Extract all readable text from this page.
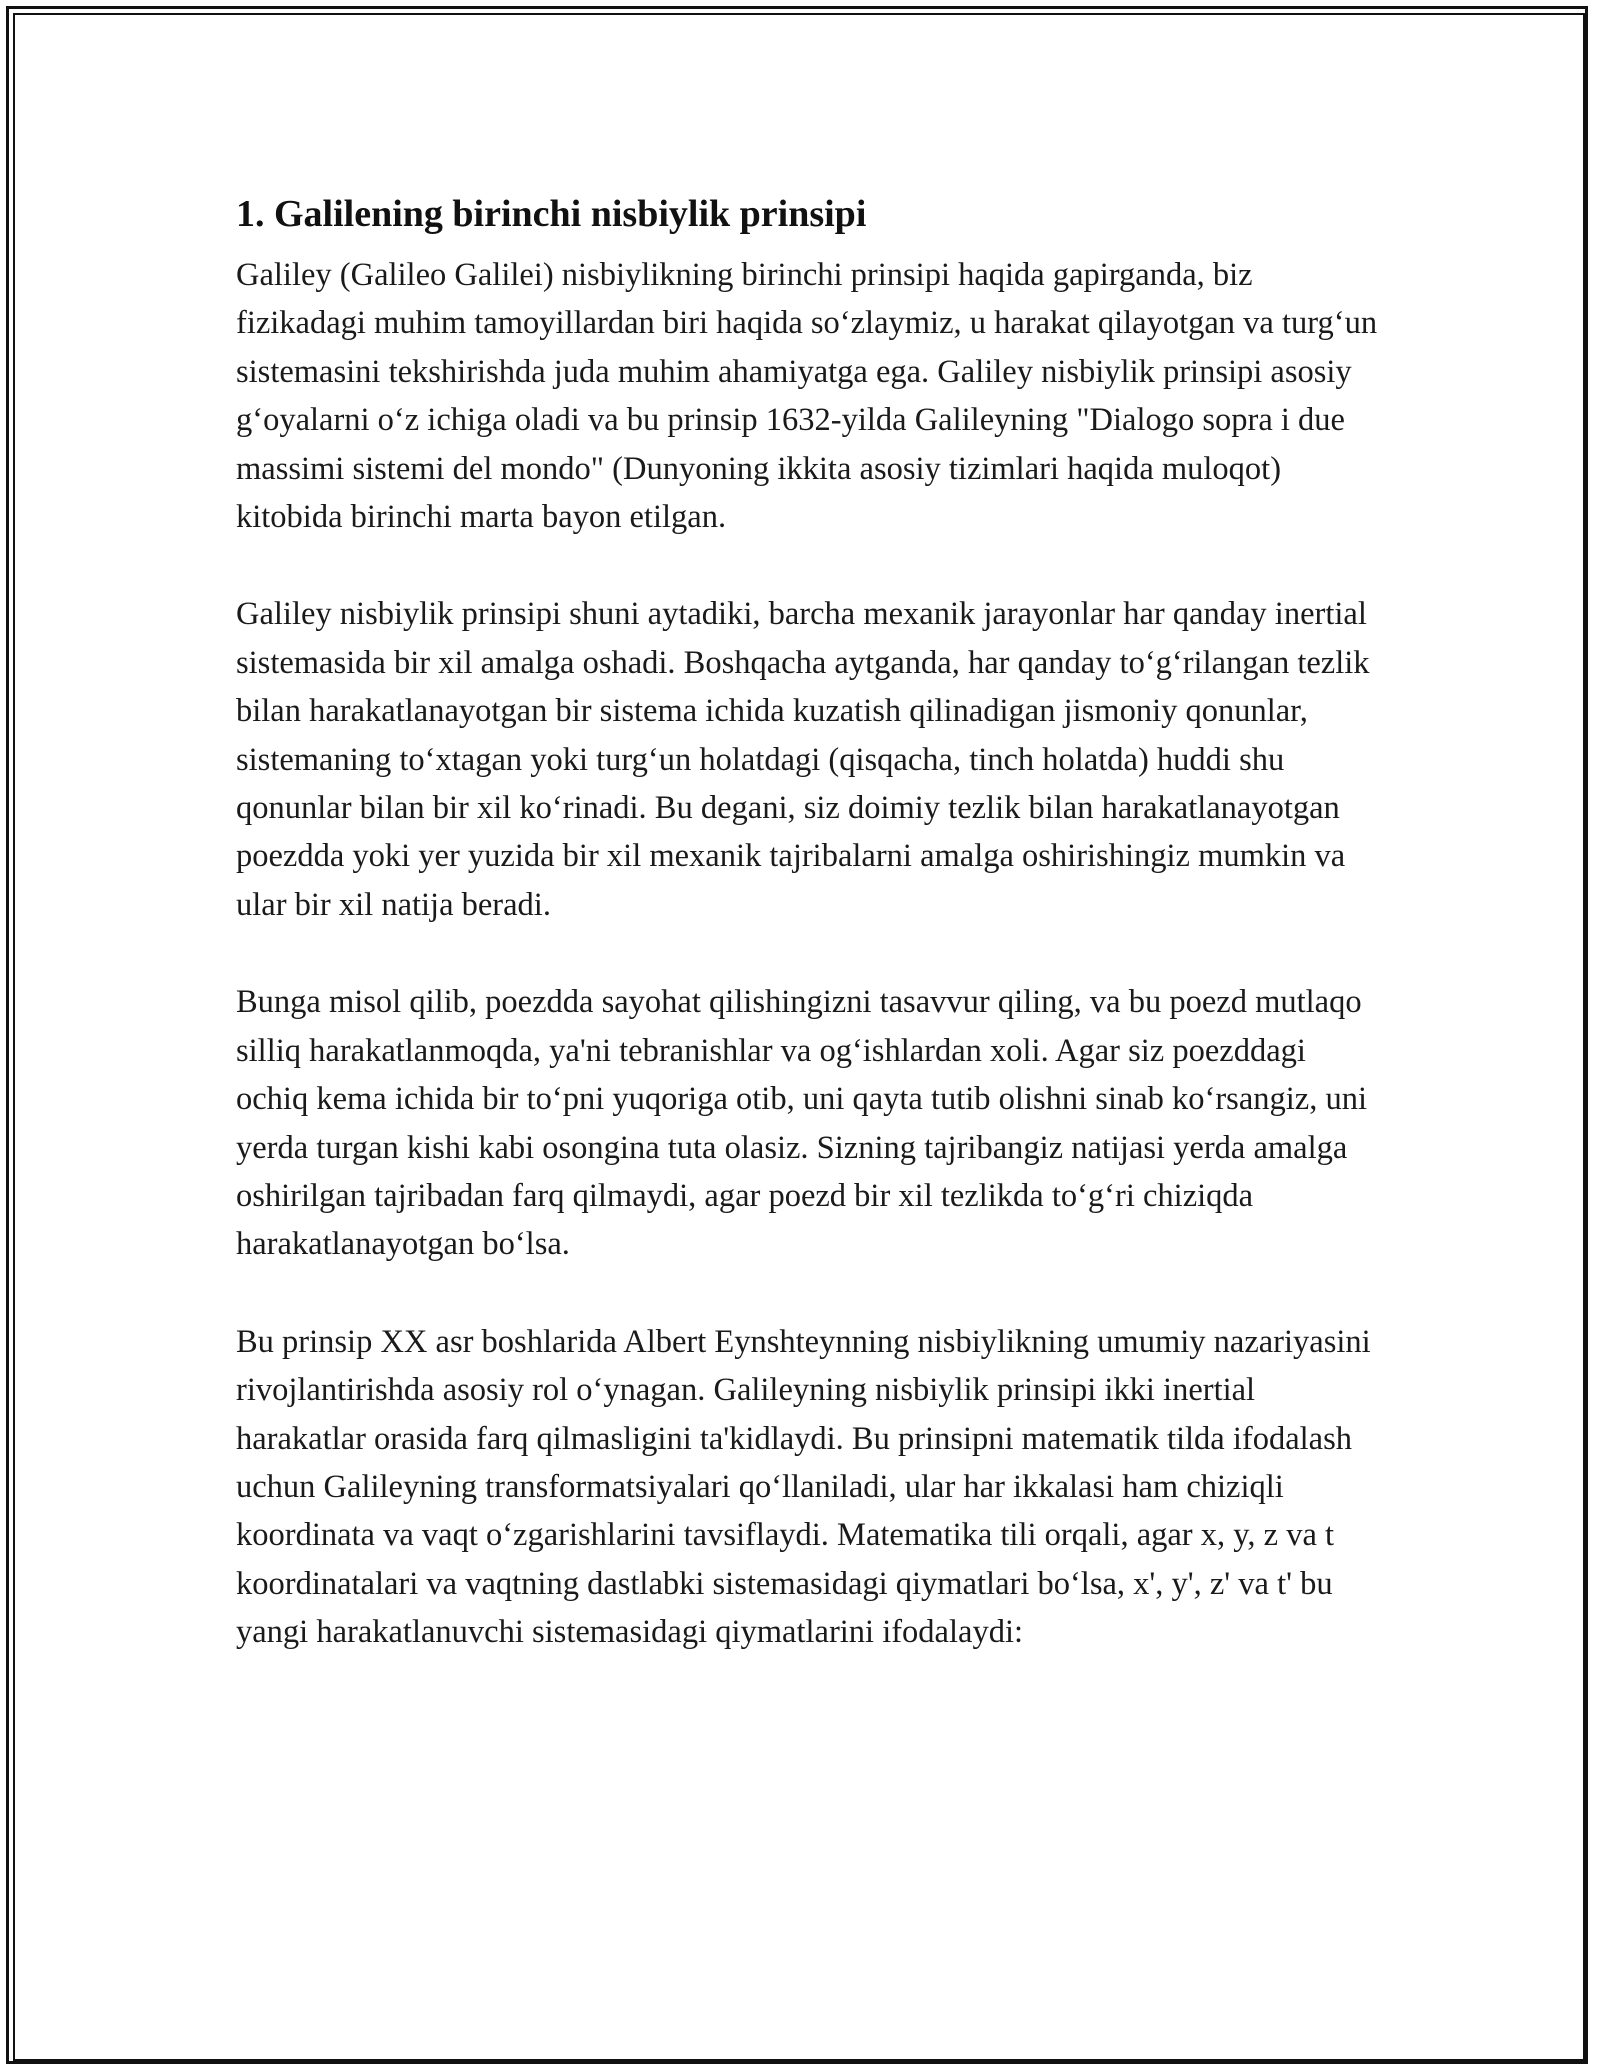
1. Galilening birinchi nisbiylik prinsipi

Galiley (Galileo Galilei) nisbiylikning birinchi prinsipi haqida gapirganda, biz fizikadagi muhim tamoyillardan biri haqida so‘zlaymiz, u harakat qilayotgan va turg‘un sistemasini tekshirishda juda muhim ahamiyatga ega. Galiley nisbiylik prinsipi asosiy g‘oyalarni o‘z ichiga oladi va bu prinsip 1632-yilda Galileyning "Dialogo sopra i due massimi sistemi del mondo" (Dunyoning ikkita asosiy tizimlari haqida muloqot) kitobida birinchi marta bayon etilgan.

Galiley nisbiylik prinsipi shuni aytadiki, barcha mexanik jarayonlar har qanday inertial sistemasida bir xil amalga oshadi. Boshqacha aytganda, har qanday to‘g‘rilangan tezlik bilan harakatlanayotgan bir sistema ichida kuzatish qilinadigan jismoniy qonunlar, sistemaning to‘xtagan yoki turg‘un holatdagi (qisqacha, tinch holatda) huddi shu qonunlar bilan bir xil ko‘rinadi. Bu degani, siz doimiy tezlik bilan harakatlanayotgan poezdda yoki yer yuzida bir xil mexanik tajribalarni amalga oshirishingiz mumkin va ular bir xil natija beradi.

Bunga misol qilib, poezdda sayohat qilishingizni tasavvur qiling, va bu poezd mutlaqo silliq harakatlanmoqda, ya'ni tebranishlar va og‘ishlardan xoli. Agar siz poezddagi ochiq kema ichida bir to‘pni yuqoriga otib, uni qayta tutib olishni sinab ko‘rsangiz, uni yerda turgan kishi kabi osongina tuta olasiz. Sizning tajribangiz natijasi yerda amalga oshirilgan tajribadan farq qilmaydi, agar poezd bir xil tezlikda to‘g‘ri chiziqda harakatlanayotgan bo‘lsa.

Bu prinsip XX asr boshlarida Albert Eynshteynning nisbiylikning umumiy nazariyasini rivojlantirishda asosiy rol o‘ynagan. Galileyning nisbiylik prinsipi ikki inertial harakatlar orasida farq qilmasligini ta'kidlaydi. Bu prinsipni matematik tilda ifodalash uchun Galileyning transformatsiyalari qo‘llaniladi, ular har ikkalasi ham chiziqli koordinata va vaqt o‘zgarishlarini tavsiflaydi. Matematika tili orqali, agar x, y, z va t koordinatalari va vaqtning dastlabki sistemasidagi qiymatlari bo‘lsa, x', y', z' va t' bu yangi harakatlanuvchi sistemasidagi qiymatlarini ifodalaydi:
